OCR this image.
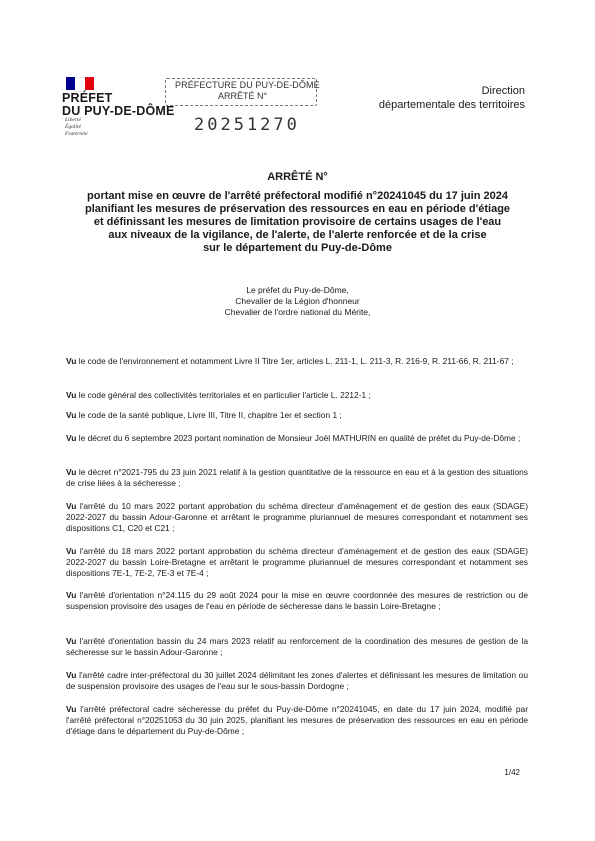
PRÉFET
DU PUY-DE-DÔME
Liberté
Égalité
Fraternité
PRÉFECTURE DU PUY-DE-DÔME
ARRÊTÉ N°
20251270
Direction
départementale des territoires
ARRÊTÉ N°
portant mise en œuvre de l'arrêté préfectoral modifié n°20241045 du 17 juin 2024
planifiant les mesures de préservation des ressources en eau en période d'étiage
et définissant les mesures de limitation provisoire de certains usages de l'eau
aux niveaux de la vigilance, de l'alerte, de l'alerte renforcée et de la crise
sur le département du Puy-de-Dôme
Le préfet du Puy-de-Dôme,
Chevalier de la Légion d'honneur
Chevalier de l'ordre national du Mérite,
Vu le code de l'environnement et notamment Livre II Titre 1er, articles L. 211-1, L. 211-3, R. 216-9, R. 211-66, R. 211-67 ;
Vu le code général des collectivités territoriales et en particulier l'article L. 2212-1 ;
Vu le code de la santé publique, Livre III, Titre II, chapitre 1er et section 1 ;
Vu le décret du 6 septembre 2023 portant nomination de Monsieur Joël MATHURIN en qualité de préfet du Puy-de-Dôme ;
Vu le décret n°2021-795 du 23 juin 2021 relatif à la gestion quantitative de la ressource en eau et à la gestion des situations de crise liées à la sécheresse ;
Vu l'arrêté du 10 mars 2022 portant approbation du schéma directeur d'aménagement et de gestion des eaux (SDAGE) 2022-2027 du bassin Adour-Garonne et arrêtant le programme pluriannuel de mesures correspondant et notamment ses dispositions C1, C20 et C21 ;
Vu l'arrêté du 18 mars 2022 portant approbation du schéma directeur d'aménagement et de gestion des eaux (SDAGE) 2022-2027 du bassin Loire-Bretagne et arrêtant le programme pluriannuel de mesures correspondant et notamment ses dispositions 7E-1, 7E-2, 7E-3 et 7E-4 ;
Vu l'arrêté d'orientation n°24.115 du 29 août 2024 pour la mise en œuvre coordonnée des mesures de restriction ou de suspension provisoire des usages de l'eau en période de sécheresse dans le bassin Loire-Bretagne ;
Vu l'arrêté d'orientation bassin du 24 mars 2023 relatif au renforcement de la coordination des mesures de gestion de la sécheresse sur le bassin Adour-Garonne ;
Vu l'arrêté cadre inter-préfectoral du 30 juillet 2024 délimitant les zones d'alertes et définissant les mesures de limitation ou de suspension provisoire des usages de l'eau sur le sous-bassin Dordogne ;
Vu l'arrêté préfectoral cadre sécheresse du préfet du Puy-de-Dôme n°20241045, en date du 17 juin 2024, modifié par l'arrêté préfectoral n°20251053 du 30 juin 2025, planifiant les mesures de préservation des ressources en eau en période d'étiage dans le département du Puy-de-Dôme ;
1/42
